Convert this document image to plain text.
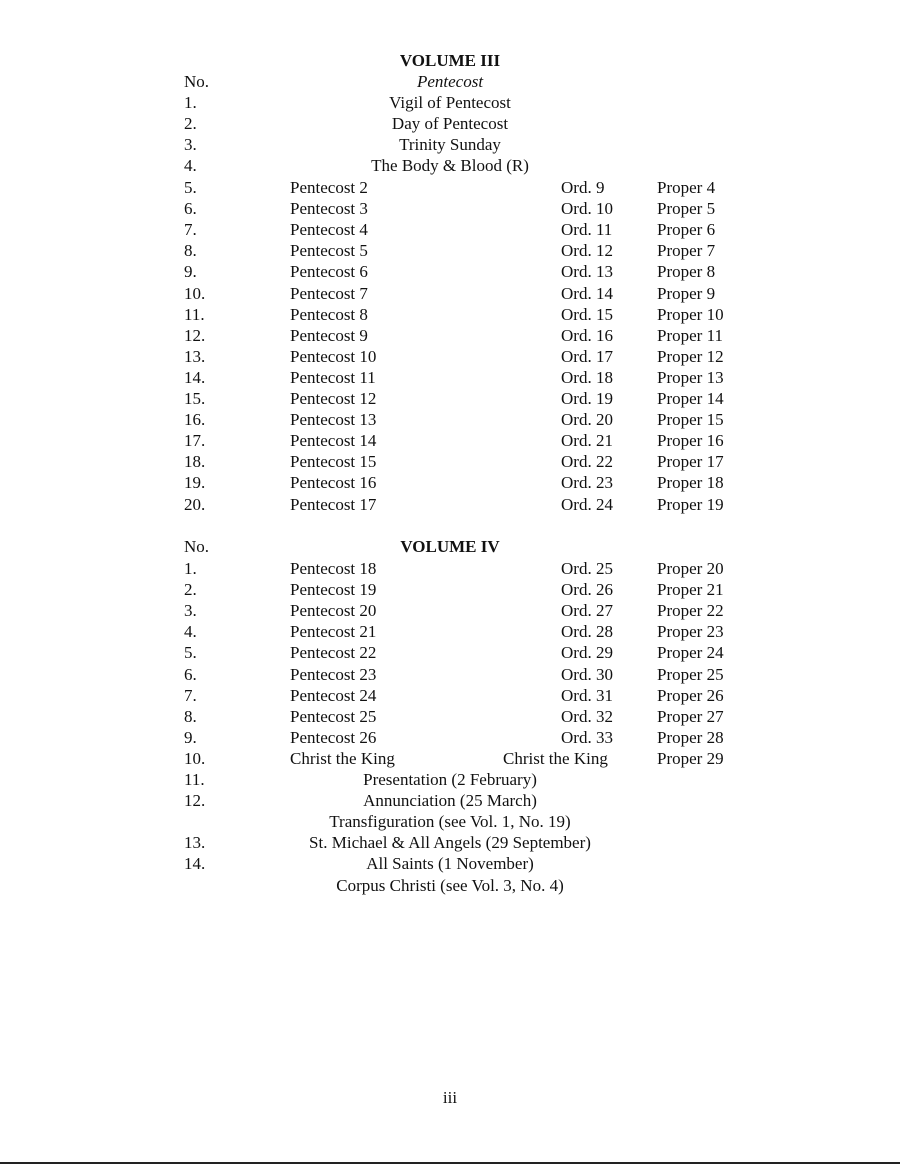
VOLUME III
No.	Pentecost
1.	Vigil of Pentecost
2.	Day of Pentecost
3.	Trinity Sunday
4.	The Body & Blood (R)
5.	Pentecost 2	Ord. 9	Proper 4
6.	Pentecost 3	Ord. 10	Proper 5
7.	Pentecost 4	Ord. 11	Proper 6
8.	Pentecost 5	Ord. 12	Proper 7
9.	Pentecost 6	Ord. 13	Proper 8
10.	Pentecost 7	Ord. 14	Proper 9
11.	Pentecost 8	Ord. 15	Proper 10
12.	Pentecost 9	Ord. 16	Proper 11
13.	Pentecost 10	Ord. 17	Proper 12
14.	Pentecost 11	Ord. 18	Proper 13
15.	Pentecost 12	Ord. 19	Proper 14
16.	Pentecost 13	Ord. 20	Proper 15
17.	Pentecost 14	Ord. 21	Proper 16
18.	Pentecost 15	Ord. 22	Proper 17
19.	Pentecost 16	Ord. 23	Proper 18
20.	Pentecost 17	Ord. 24	Proper 19
No.	VOLUME IV
1.	Pentecost 18	Ord. 25	Proper 20
2.	Pentecost 19	Ord. 26	Proper 21
3.	Pentecost 20	Ord. 27	Proper 22
4.	Pentecost 21	Ord. 28	Proper 23
5.	Pentecost 22	Ord. 29	Proper 24
6.	Pentecost 23	Ord. 30	Proper 25
7.	Pentecost 24	Ord. 31	Proper 26
8.	Pentecost 25	Ord. 32	Proper 27
9.	Pentecost 26	Ord. 33	Proper 28
10.	Christ the King	Christ the King	Proper 29
11.	Presentation (2 February)
12.	Annunciation (25 March)
Transfiguration (see Vol. 1, No. 19)
13.	St. Michael & All Angels (29 September)
14.	All Saints (1 November)
Corpus Christi (see Vol. 3, No. 4)
iii
